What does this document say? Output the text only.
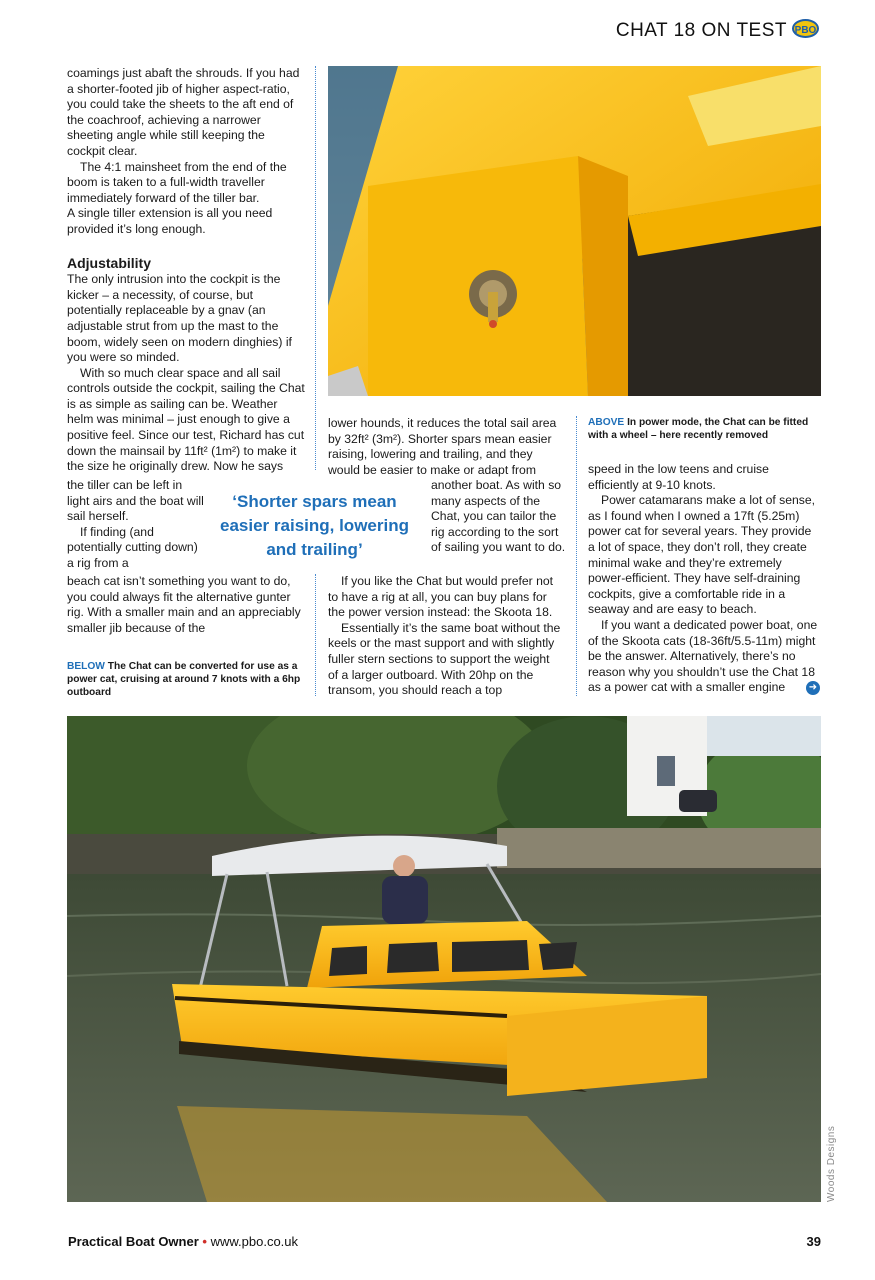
CHAT 18 ON TEST PBO

coamings just abaft the shrouds. If you had a shorter-footed jib of higher aspect-ratio, you could take the sheets to the aft end of the coachroof, achieving a narrower sheeting angle while still keeping the cockpit clear.

The 4:1 mainsheet from the end of the boom is taken to a full-width traveller immediately forward of the tiller bar.

A single tiller extension is all you need provided it’s long enough.

Adjustability

The only intrusion into the cockpit is the kicker – a necessity, of course, but potentially replaceable by a gnav (an adjustable strut from up the mast to the boom, widely seen on modern dinghies) if you were so minded.

With so much clear space and all sail controls outside the cockpit, sailing the Chat is as simple as sailing can be. Weather helm was minimal – just enough to give a positive feel. Since our test, Richard has cut down the mainsail by 11ft² (1m²) to make it the size he originally drew. Now he says

the tiller can be left in light airs and the boat will sail herself.

If finding (and potentially cutting down) a rig from a

beach cat isn’t something you want to do, you could always fit the alternative gunter rig. With a smaller main and an appreciably smaller jib because of the

BELOW The Chat can be converted for use as a power cat, cruising at around 7 knots with a 6hp outboard

lower hounds, it reduces the total sail area by 32ft² (3m²). Shorter spars mean easier raising, lowering and trailing, and they would be easier to make or adapt from

another boat. As with so many aspects of the Chat, you can tailor the rig according to the sort of sailing you want to do.

If you like the Chat but would prefer not to have a rig at all, you can buy plans for the power version instead: the Skoota 18.

Essentially it’s the same boat without the keels or the mast support and with slightly fuller stern sections to support the weight of a larger outboard. With 20hp on the transom, you should reach a top

‘Shorter spars mean easier raising, lowering and trailing’
ABOVE In power mode, the Chat can be fitted with a wheel – here recently removed

speed in the low teens and cruise efficiently at 9-10 knots.

Power catamarans make a lot of sense, as I found when I owned a 17ft (5.25m) power cat for several years. They provide a lot of space, they don’t roll, they create minimal wake and they’re extremely power-efficient. They have self-draining cockpits, give a comfortable ride in a seaway and are easy to beach.

If you want a dedicated power boat, one of the Skoota cats (18-36ft/5.5-11m) might be the answer. Alternatively, there’s no reason why you shouldn’t use the Chat 18 as a power cat with a smaller engine	➜
Woods Designs
Practical Boat Owner • www.pbo.co.uk	39
